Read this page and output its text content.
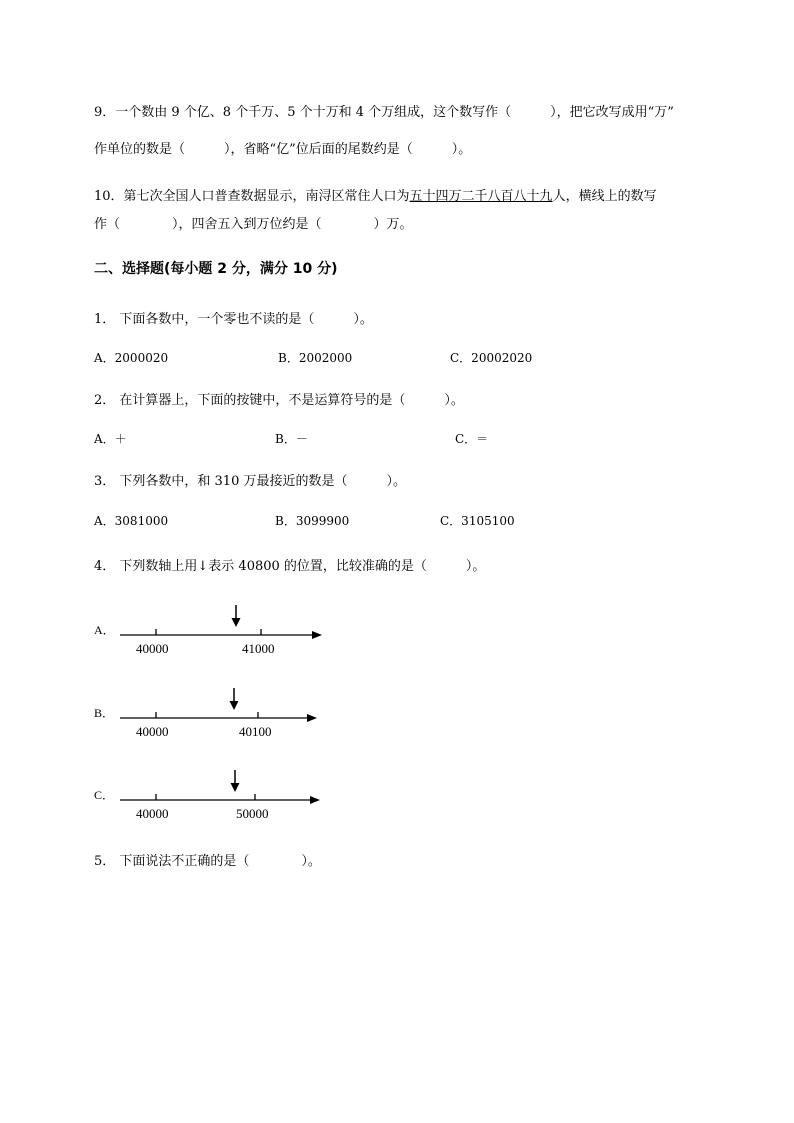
9．一个数由 9 个亿、8 个千万、5 个十万和 4 个万组成，这个数写作（　　　），把它改写成用“万”
作单位的数是（　　　），省略“亿”位后面的尾数约是（　　　）。
10．第七次全国人口普查数据显示，南浔区常住人口为五十四万二千八百八十九人，横线上的数写
作（　　　　），四舍五入到万位约是（　　　　）万。
二、选择题(每小题 2 分，满分 10 分)
1． 下面各数中，一个零也不读的是（　　　）。
A．2000020	B．2002000	C．20002020
2． 在计算器上，下面的按键中，不是运算符号的是（　　　）。
A．＋	B．－	C．＝
3． 下列各数中，和 310 万最接近的数是（　　　）。
A．3081000	B．3099900	C．3105100
4． 下列数轴上用↓表示 40800 的位置，比较准确的是（　　　）。
A．
40000	41000
B．
40000	40100
C．
40000	50000
5． 下面说法不正确的是（　　　　）。
